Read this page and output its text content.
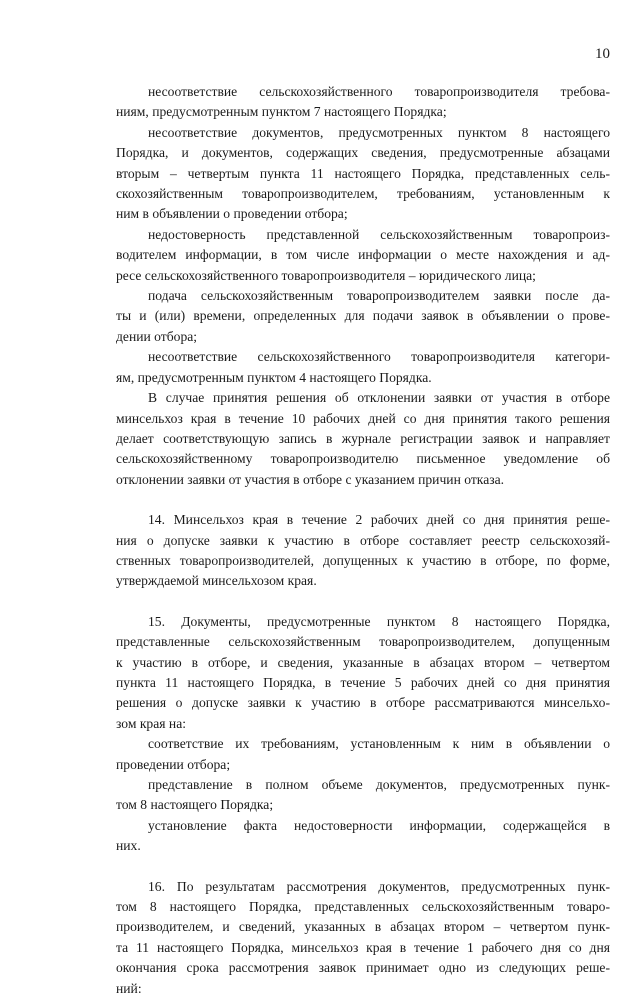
10

несоответствие сельскохозяйственного товаропроизводителя требова-
ниям, предусмотренным пунктом 7 настоящего Порядка;

несоответствие документов, предусмотренных пунктом 8 настоящего
Порядка, и документов, содержащих сведения, предусмотренные абзацами
вторым – четвертым пункта 11 настоящего Порядка, представленных сель-
скохозяйственным товаропроизводителем, требованиям, установленным к
ним в объявлении о проведении отбора;

недостоверность представленной сельскохозяйственным товаропроиз-
водителем информации, в том числе информации о месте нахождения и ад-
ресе сельскохозяйственного товаропроизводителя – юридического лица;

подача сельскохозяйственным товаропроизводителем заявки после да-
ты и (или) времени, определенных для подачи заявок в объявлении о прове-
дении отбора;

несоответствие сельскохозяйственного товаропроизводителя категори-
ям, предусмотренным пунктом 4 настоящего Порядка.

В случае принятия решения об отклонении заявки от участия в отборе
минсельхоз края в течение 10 рабочих дней со дня принятия такого решения
делает соответствующую запись в журнале регистрации заявок и направляет
сельскохозяйственному товаропроизводителю письменное уведомление об
отклонении заявки от участия в отборе с указанием причин отказа.

14. Минсельхоз края в течение 2 рабочих дней со дня принятия реше-
ния о допуске заявки к участию в отборе составляет реестр сельскохозяй-
ственных товаропроизводителей, допущенных к участию в отборе, по форме,
утверждаемой минсельхозом края.

15. Документы, предусмотренные пунктом 8 настоящего Порядка,
представленные сельскохозяйственным товаропроизводителем, допущенным
к участию в отборе, и сведения, указанные в абзацах втором – четвертом
пункта 11 настоящего Порядка, в течение 5 рабочих дней со дня принятия
решения о допуске заявки к участию в отборе рассматриваются минсельхо-
зом края на:

соответствие их требованиям, установленным к ним в объявлении о
проведении отбора;

представление в полном объеме документов, предусмотренных пунк-
том 8 настоящего Порядка;

установление факта недостоверности информации, содержащейся в
них.

16. По результатам рассмотрения документов, предусмотренных пунк-
том 8 настоящего Порядка, представленных сельскохозяйственным товаро-
производителем, и сведений, указанных в абзацах втором – четвертом пунк-
та 11 настоящего Порядка, минсельхоз края в течение 1 рабочего дня со дня
окончания срока рассмотрения заявок принимает одно из следующих реше-
ний:
